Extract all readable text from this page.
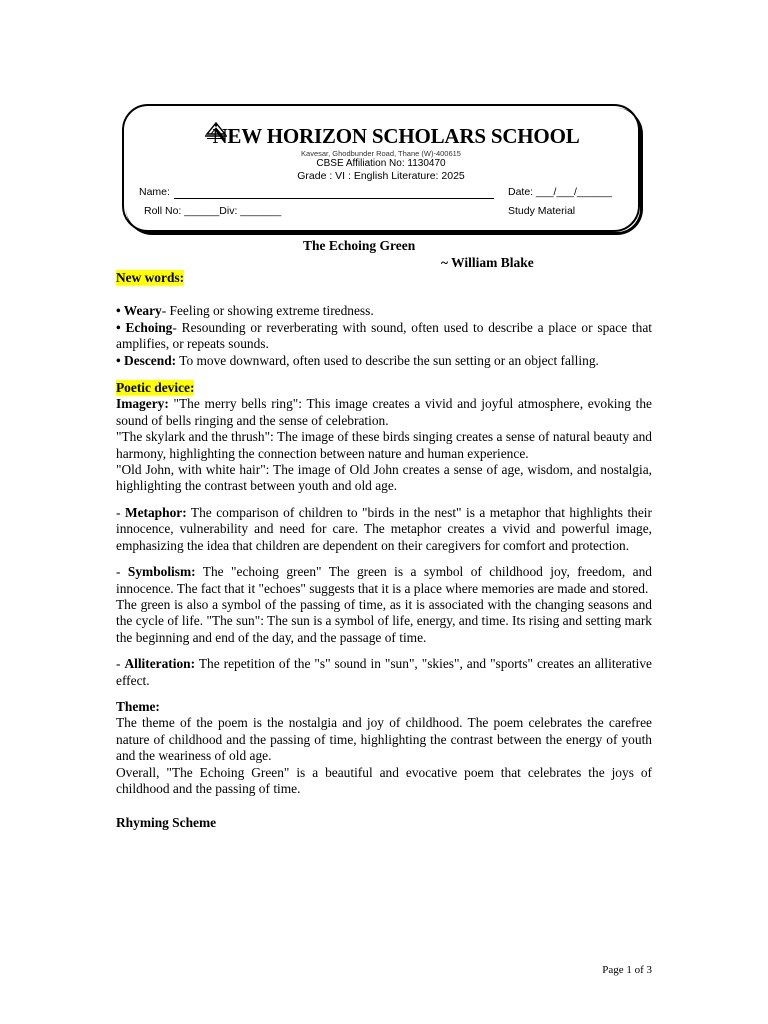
NEW HORIZON SCHOLARS SCHOOL
Kavesar, Ghodbunder Road, Thane (W)-400615
CBSE Affiliation No: 1130470
Grade : VI : English Literature: 2025
Name:	Date: ___/___/______
Roll No: ______Div: _______	Study Material
The Echoing Green
~ William Blake

New words:

• Weary- Feeling or showing extreme tiredness.

• Echoing- Resounding or reverberating with sound, often used to describe a place or space that amplifies, or repeats sounds.

• Descend: To move downward, often used to describe the sun setting or an object falling.

Poetic device:

Imagery: "The merry bells ring": This image creates a vivid and joyful atmosphere, evoking the sound of bells ringing and the sense of celebration.

"The skylark and the thrush": The image of these birds singing creates a sense of natural beauty and harmony, highlighting the connection between nature and human experience.

"Old John, with white hair": The image of Old John creates a sense of age, wisdom, and nostalgia, highlighting the contrast between youth and old age.

- Metaphor: The comparison of children to "birds in the nest" is a metaphor that highlights their innocence, vulnerability and need for care. The metaphor creates a vivid and powerful image, emphasizing the idea that children are dependent on their caregivers for comfort and protection.

- Symbolism: The "echoing green" The green is a symbol of childhood joy, freedom, and innocence. The fact that it "echoes" suggests that it is a place where memories are made and stored.

The green is also a symbol of the passing of time, as it is associated with the changing seasons and the cycle of life. "The sun": The sun is a symbol of life, energy, and time. Its rising and setting mark the beginning and end of the day, and the passage of time.

- Alliteration: The repetition of the "s" sound in "sun", "skies", and "sports" creates an alliterative effect.

Theme:

The theme of the poem is the nostalgia and joy of childhood. The poem celebrates the carefree nature of childhood and the passing of time, highlighting the contrast between the energy of youth and the weariness of old age.

Overall, "The Echoing Green" is a beautiful and evocative poem that celebrates the joys of childhood and the passing of time.

Rhyming Scheme

Page 1 of 3
